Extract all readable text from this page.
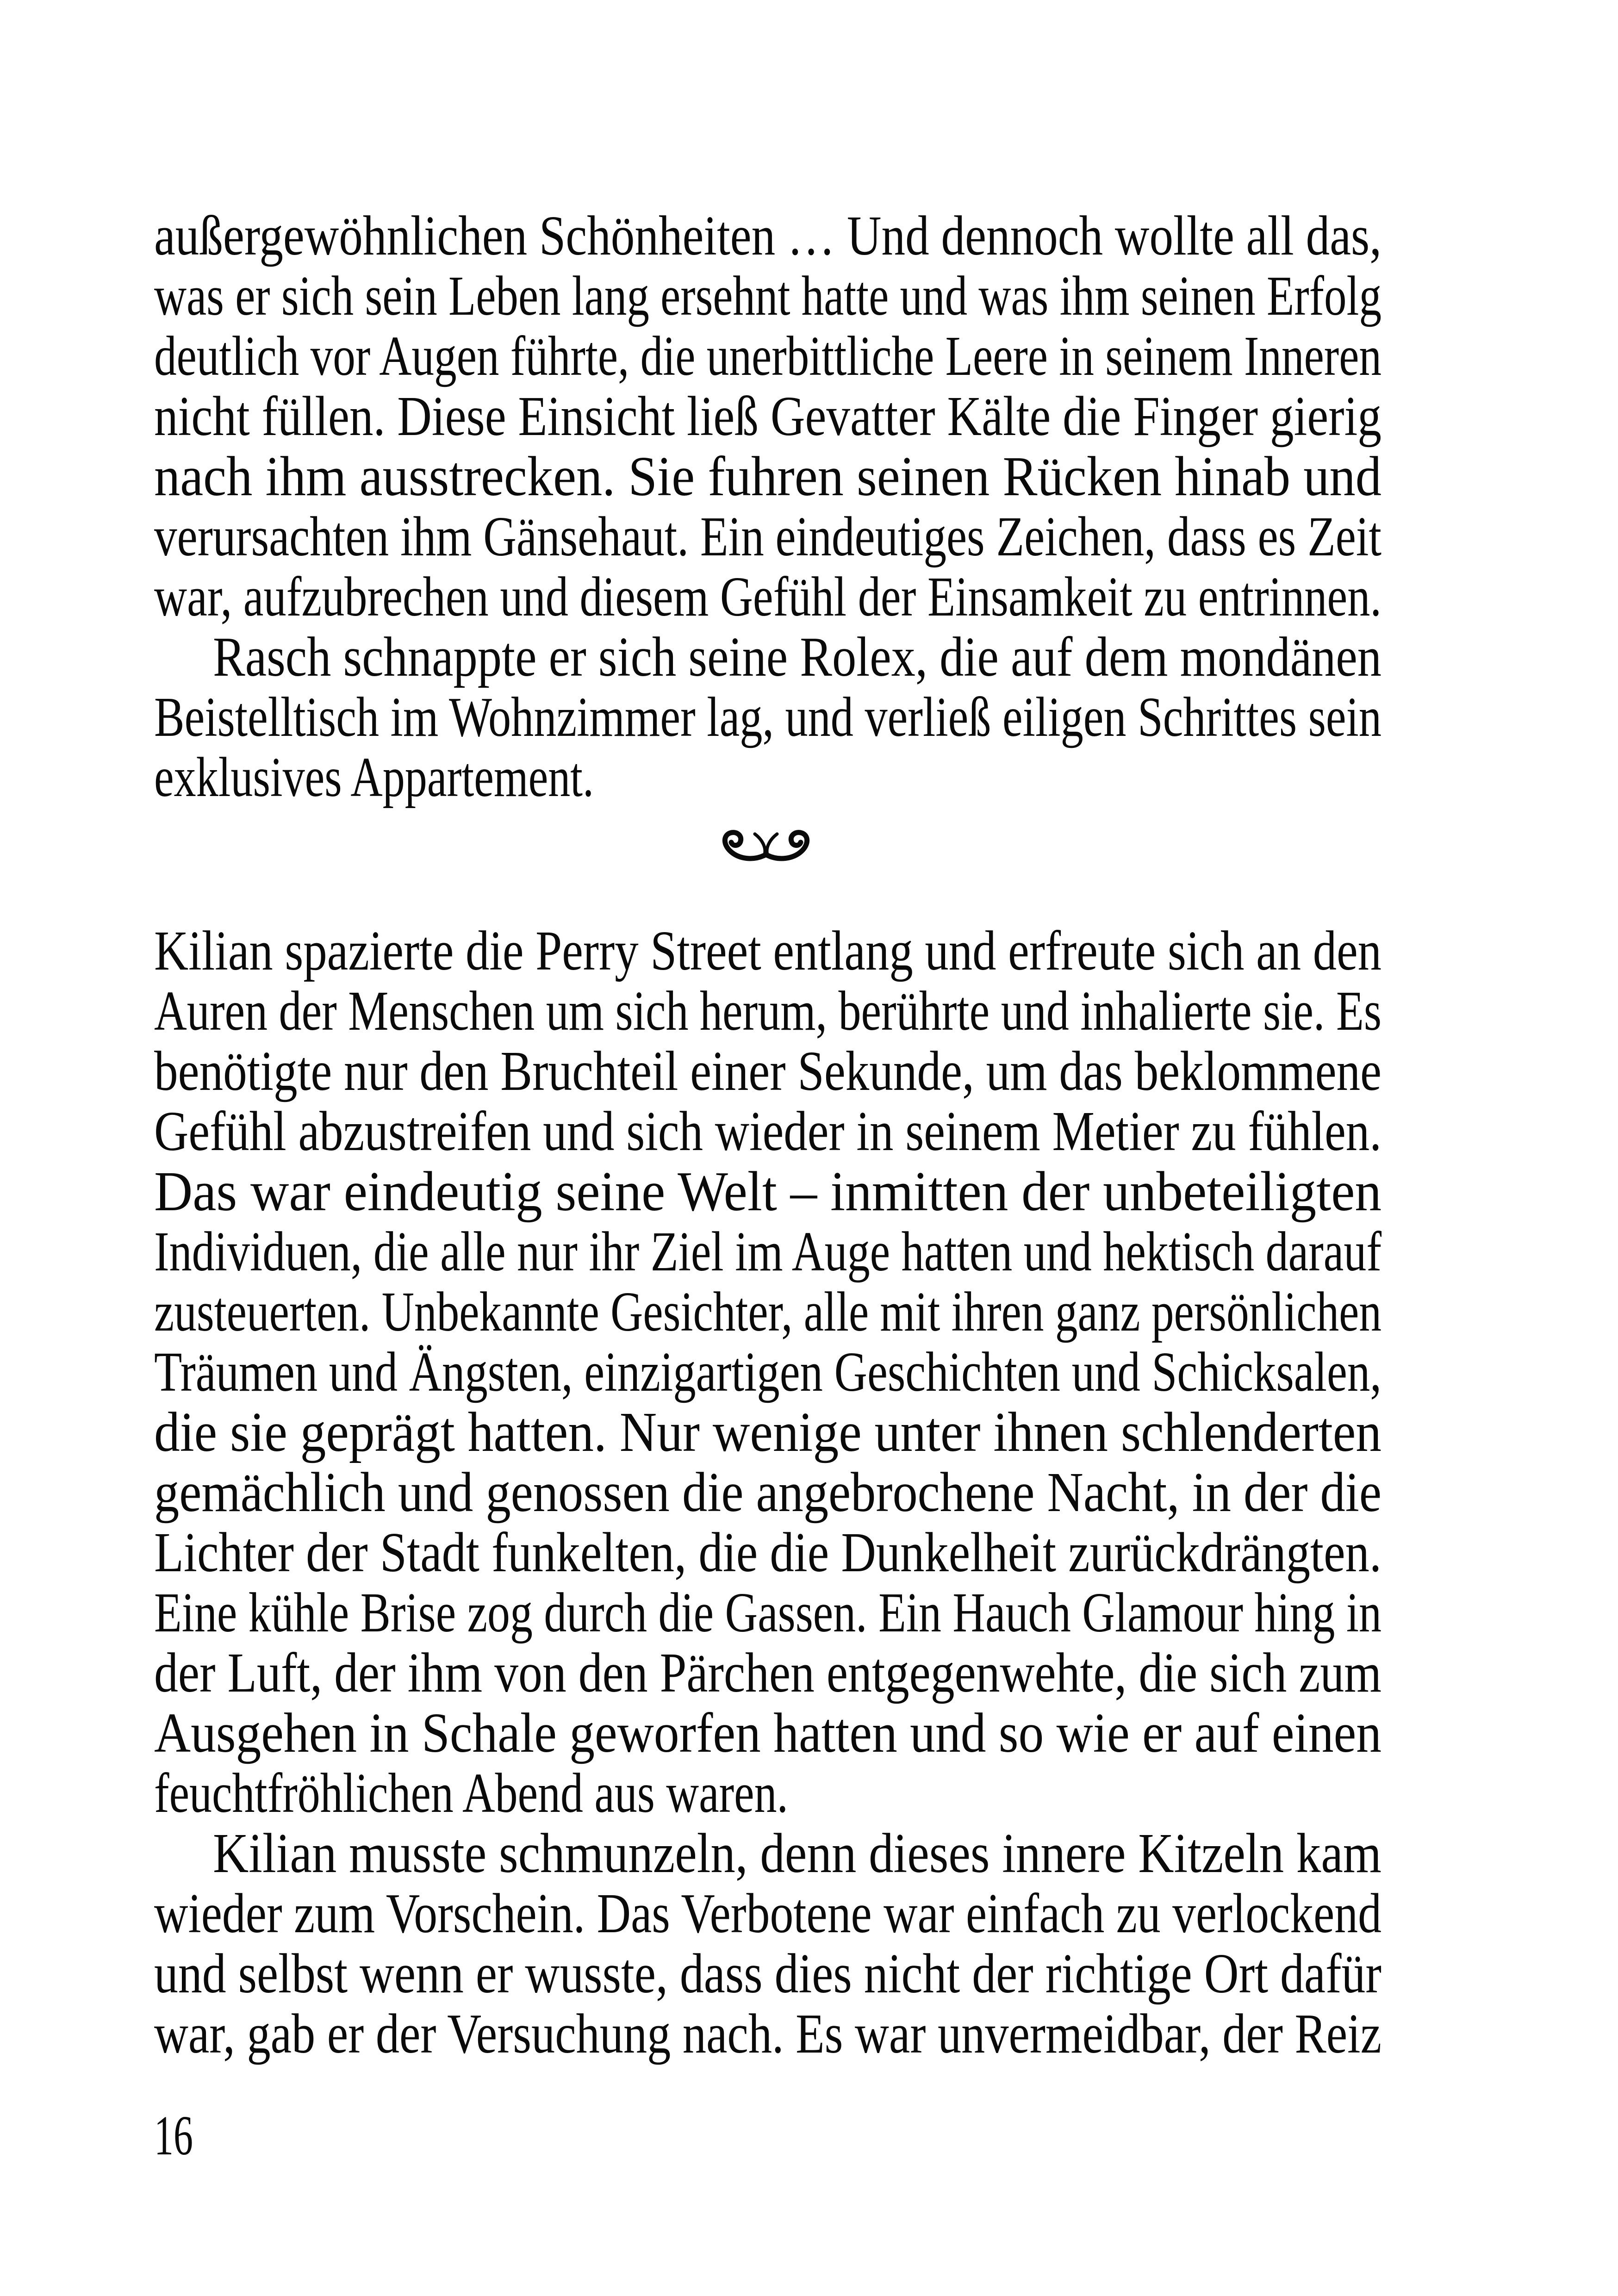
außergewöhnlichen Schönheiten … Und dennoch wollte all das,
was er sich sein Leben lang ersehnt hatte und was ihm seinen Erfolg
deutlich vor Augen führte, die unerbittliche Leere in seinem Inneren
nicht füllen. Diese Einsicht ließ Gevatter Kälte die Finger gierig
nach ihm ausstrecken. Sie fuhren seinen Rücken hinab und
verursachten ihm Gänsehaut. Ein eindeutiges Zeichen, dass es Zeit
war, aufzubrechen und diesem Gefühl der Einsamkeit zu entrinnen.
Rasch schnappte er sich seine Rolex, die auf dem mondänen
Beistelltisch im Wohnzimmer lag, und verließ eiligen Schrittes sein
exklusives Appartement.
Kilian spazierte die Perry Street entlang und erfreute sich an den
Auren der Menschen um sich herum, berührte und inhalierte sie. Es
benötigte nur den Bruchteil einer Sekunde, um das beklommene
Gefühl abzustreifen und sich wieder in seinem Metier zu fühlen.
Das war eindeutig seine Welt – inmitten der unbeteiligten
Individuen, die alle nur ihr Ziel im Auge hatten und hektisch darauf
zusteuerten. Unbekannte Gesichter, alle mit ihren ganz persönlichen
Träumen und Ängsten, einzigartigen Geschichten und Schicksalen,
die sie geprägt hatten. Nur wenige unter ihnen schlenderten
gemächlich und genossen die angebrochene Nacht, in der die
Lichter der Stadt funkelten, die die Dunkelheit zurückdrängten.
Eine kühle Brise zog durch die Gassen. Ein Hauch Glamour hing in
der Luft, der ihm von den Pärchen entgegenwehte, die sich zum
Ausgehen in Schale geworfen hatten und so wie er auf einen
feuchtfröhlichen Abend aus waren.
Kilian musste schmunzeln, denn dieses innere Kitzeln kam
wieder zum Vorschein. Das Verbotene war einfach zu verlockend
und selbst wenn er wusste, dass dies nicht der richtige Ort dafür
war, gab er der Versuchung nach. Es war unvermeidbar, der Reiz
16
